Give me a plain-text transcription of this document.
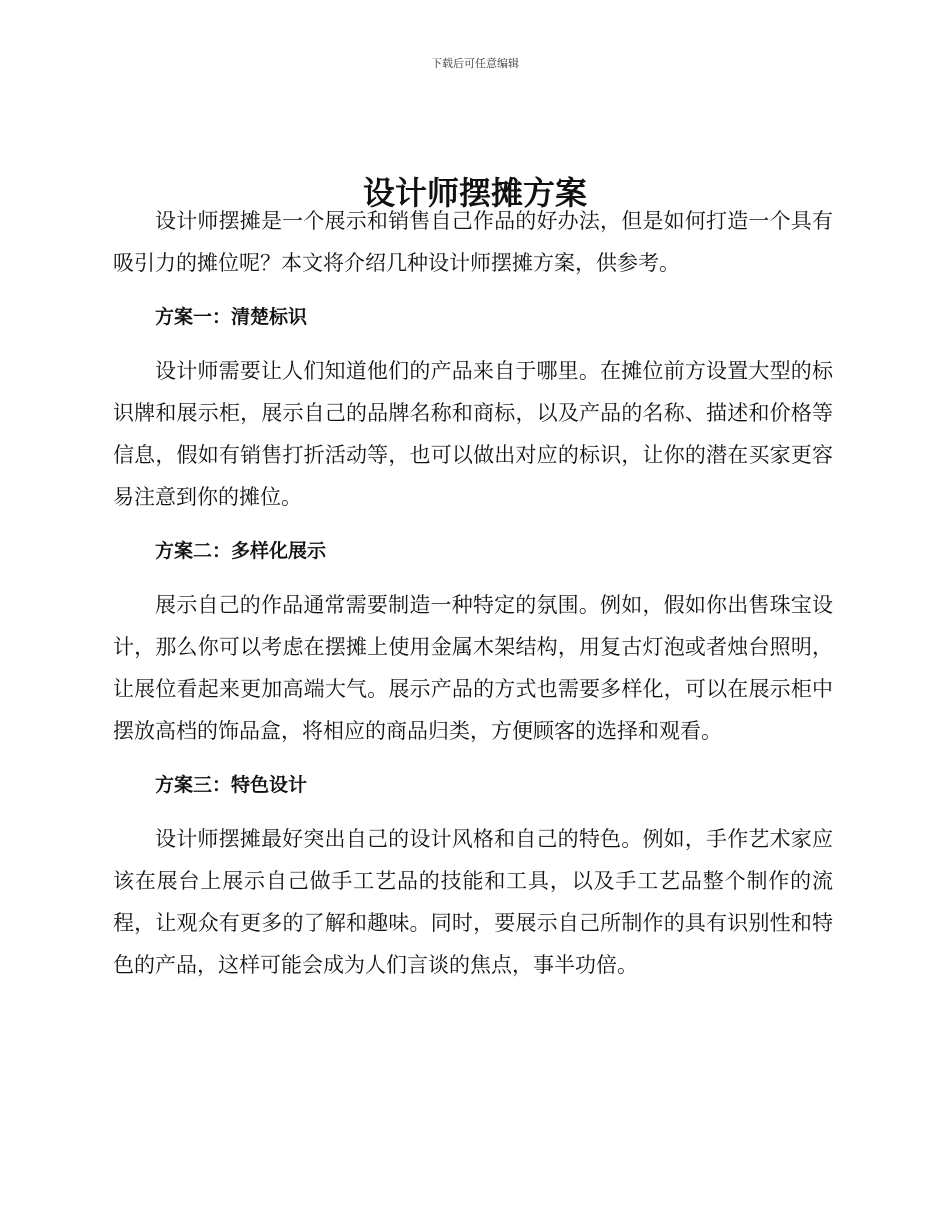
下载后可任意编辑
设计师摆摊方案

设计师摆摊是一个展示和销售自己作品的好办法，但是如何打造一个具有吸引力的摊位呢？本文将介绍几种设计师摆摊方案，供参考。

方案一：清楚标识

设计师需要让人们知道他们的产品来自于哪里。在摊位前方设置大型的标识牌和展示柜，展示自己的品牌名称和商标，以及产品的名称、描述和价格等信息，假如有销售打折活动等，也可以做出对应的标识，让你的潜在买家更容易注意到你的摊位。

方案二：多样化展示

展示自己的作品通常需要制造一种特定的氛围。例如，假如你出售珠宝设计，那么你可以考虑在摆摊上使用金属木架结构，用复古灯泡或者烛台照明，让展位看起来更加高端大气。展示产品的方式也需要多样化，可以在展示柜中摆放高档的饰品盒，将相应的商品归类，方便顾客的选择和观看。

方案三：特色设计

设计师摆摊最好突出自己的设计风格和自己的特色。例如，手作艺术家应该在展台上展示自己做手工艺品的技能和工具，以及手工艺品整个制作的流程，让观众有更多的了解和趣味。同时，要展示自己所制作的具有识别性和特色的产品，这样可能会成为人们言谈的焦点，事半功倍。
